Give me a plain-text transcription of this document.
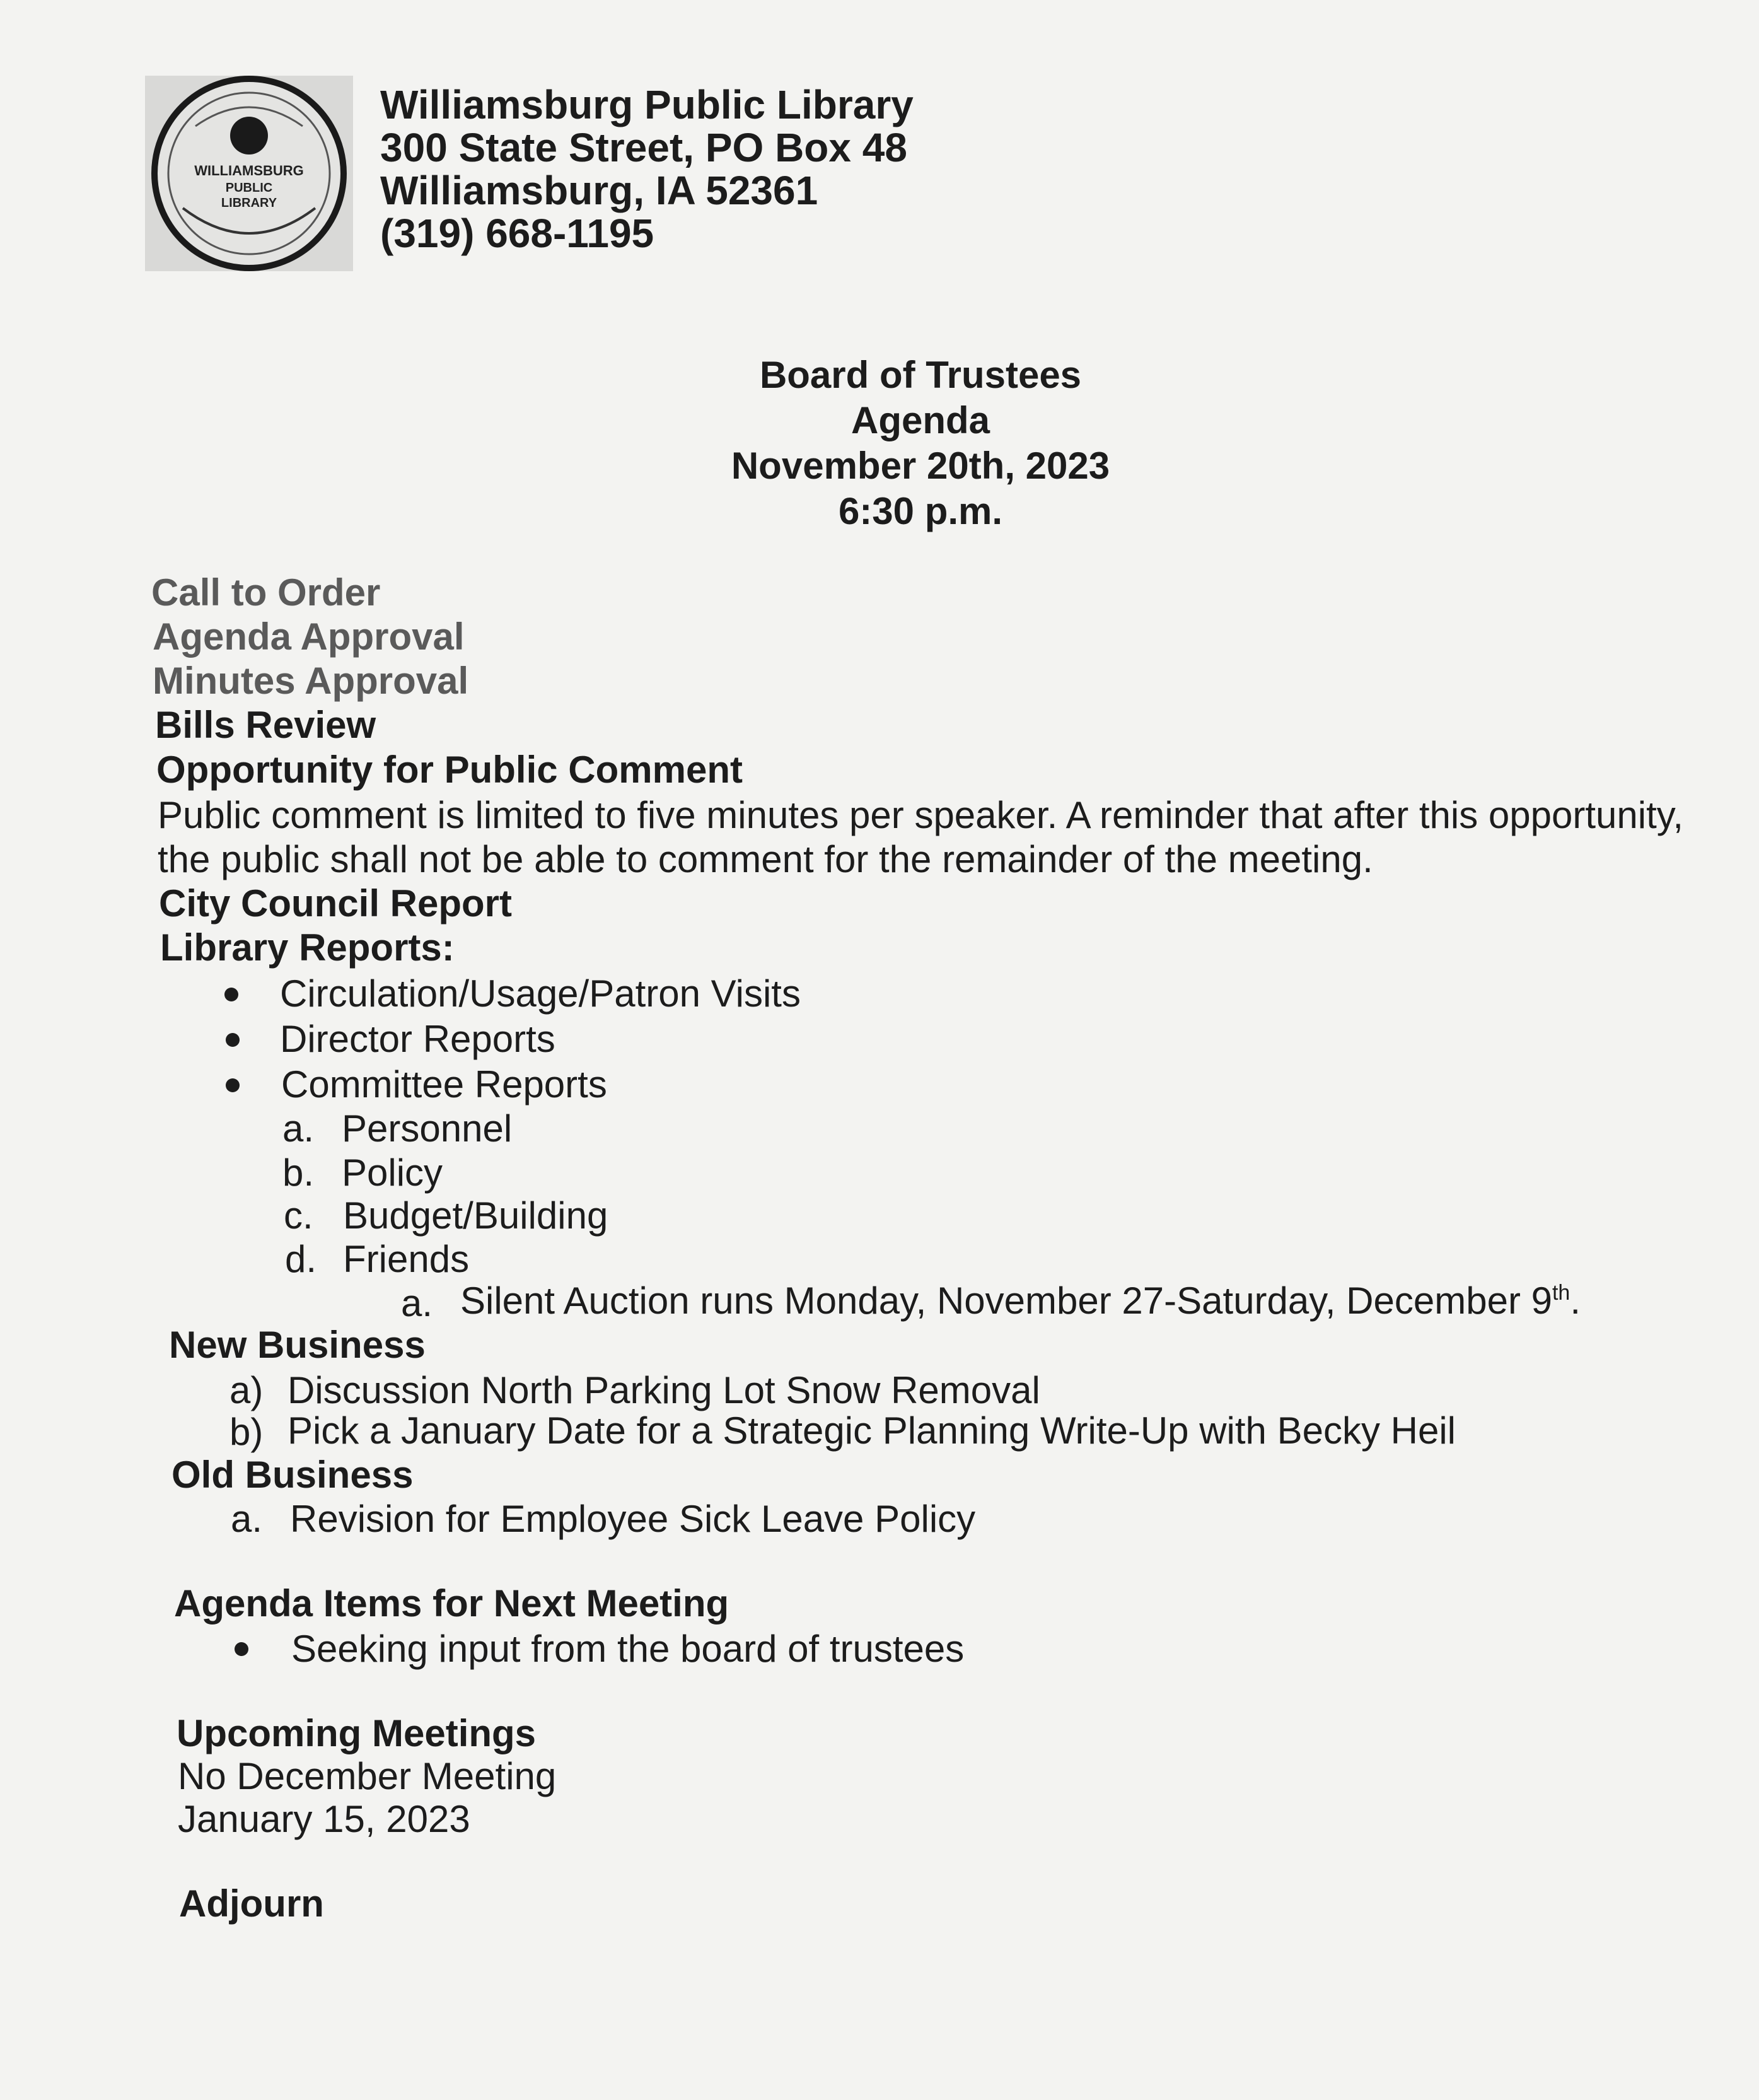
WILLIAMSBURG
PUBLIC
LIBRARY
Williamsburg Public Library
300 State Street, PO Box 48
Williamsburg, IA 52361
(319) 668-1195
Board of Trustees
Agenda
November 20th, 2023
6:30 p.m.
Call to Order
Agenda Approval
Minutes Approval
Bills Review
Opportunity for Public Comment
Public comment is limited to five minutes per speaker. A reminder that after this opportunity,
the public shall not be able to comment for the remainder of the meeting.
City Council Report
Library Reports:
Circulation/Usage/Patron Visits
Director Reports
Committee Reports
a. Personnel
b. Policy
c. Budget/Building
d. Friends
a. Silent Auction runs Monday, November 27-Saturday, December 9th.
New Business
a) Discussion North Parking Lot Snow Removal
b) Pick a January Date for a Strategic Planning Write-Up with Becky Heil
Old Business
a. Revision for Employee Sick Leave Policy
Agenda Items for Next Meeting
Seeking input from the board of trustees
Upcoming Meetings
No December Meeting
January 15, 2023
Adjourn
